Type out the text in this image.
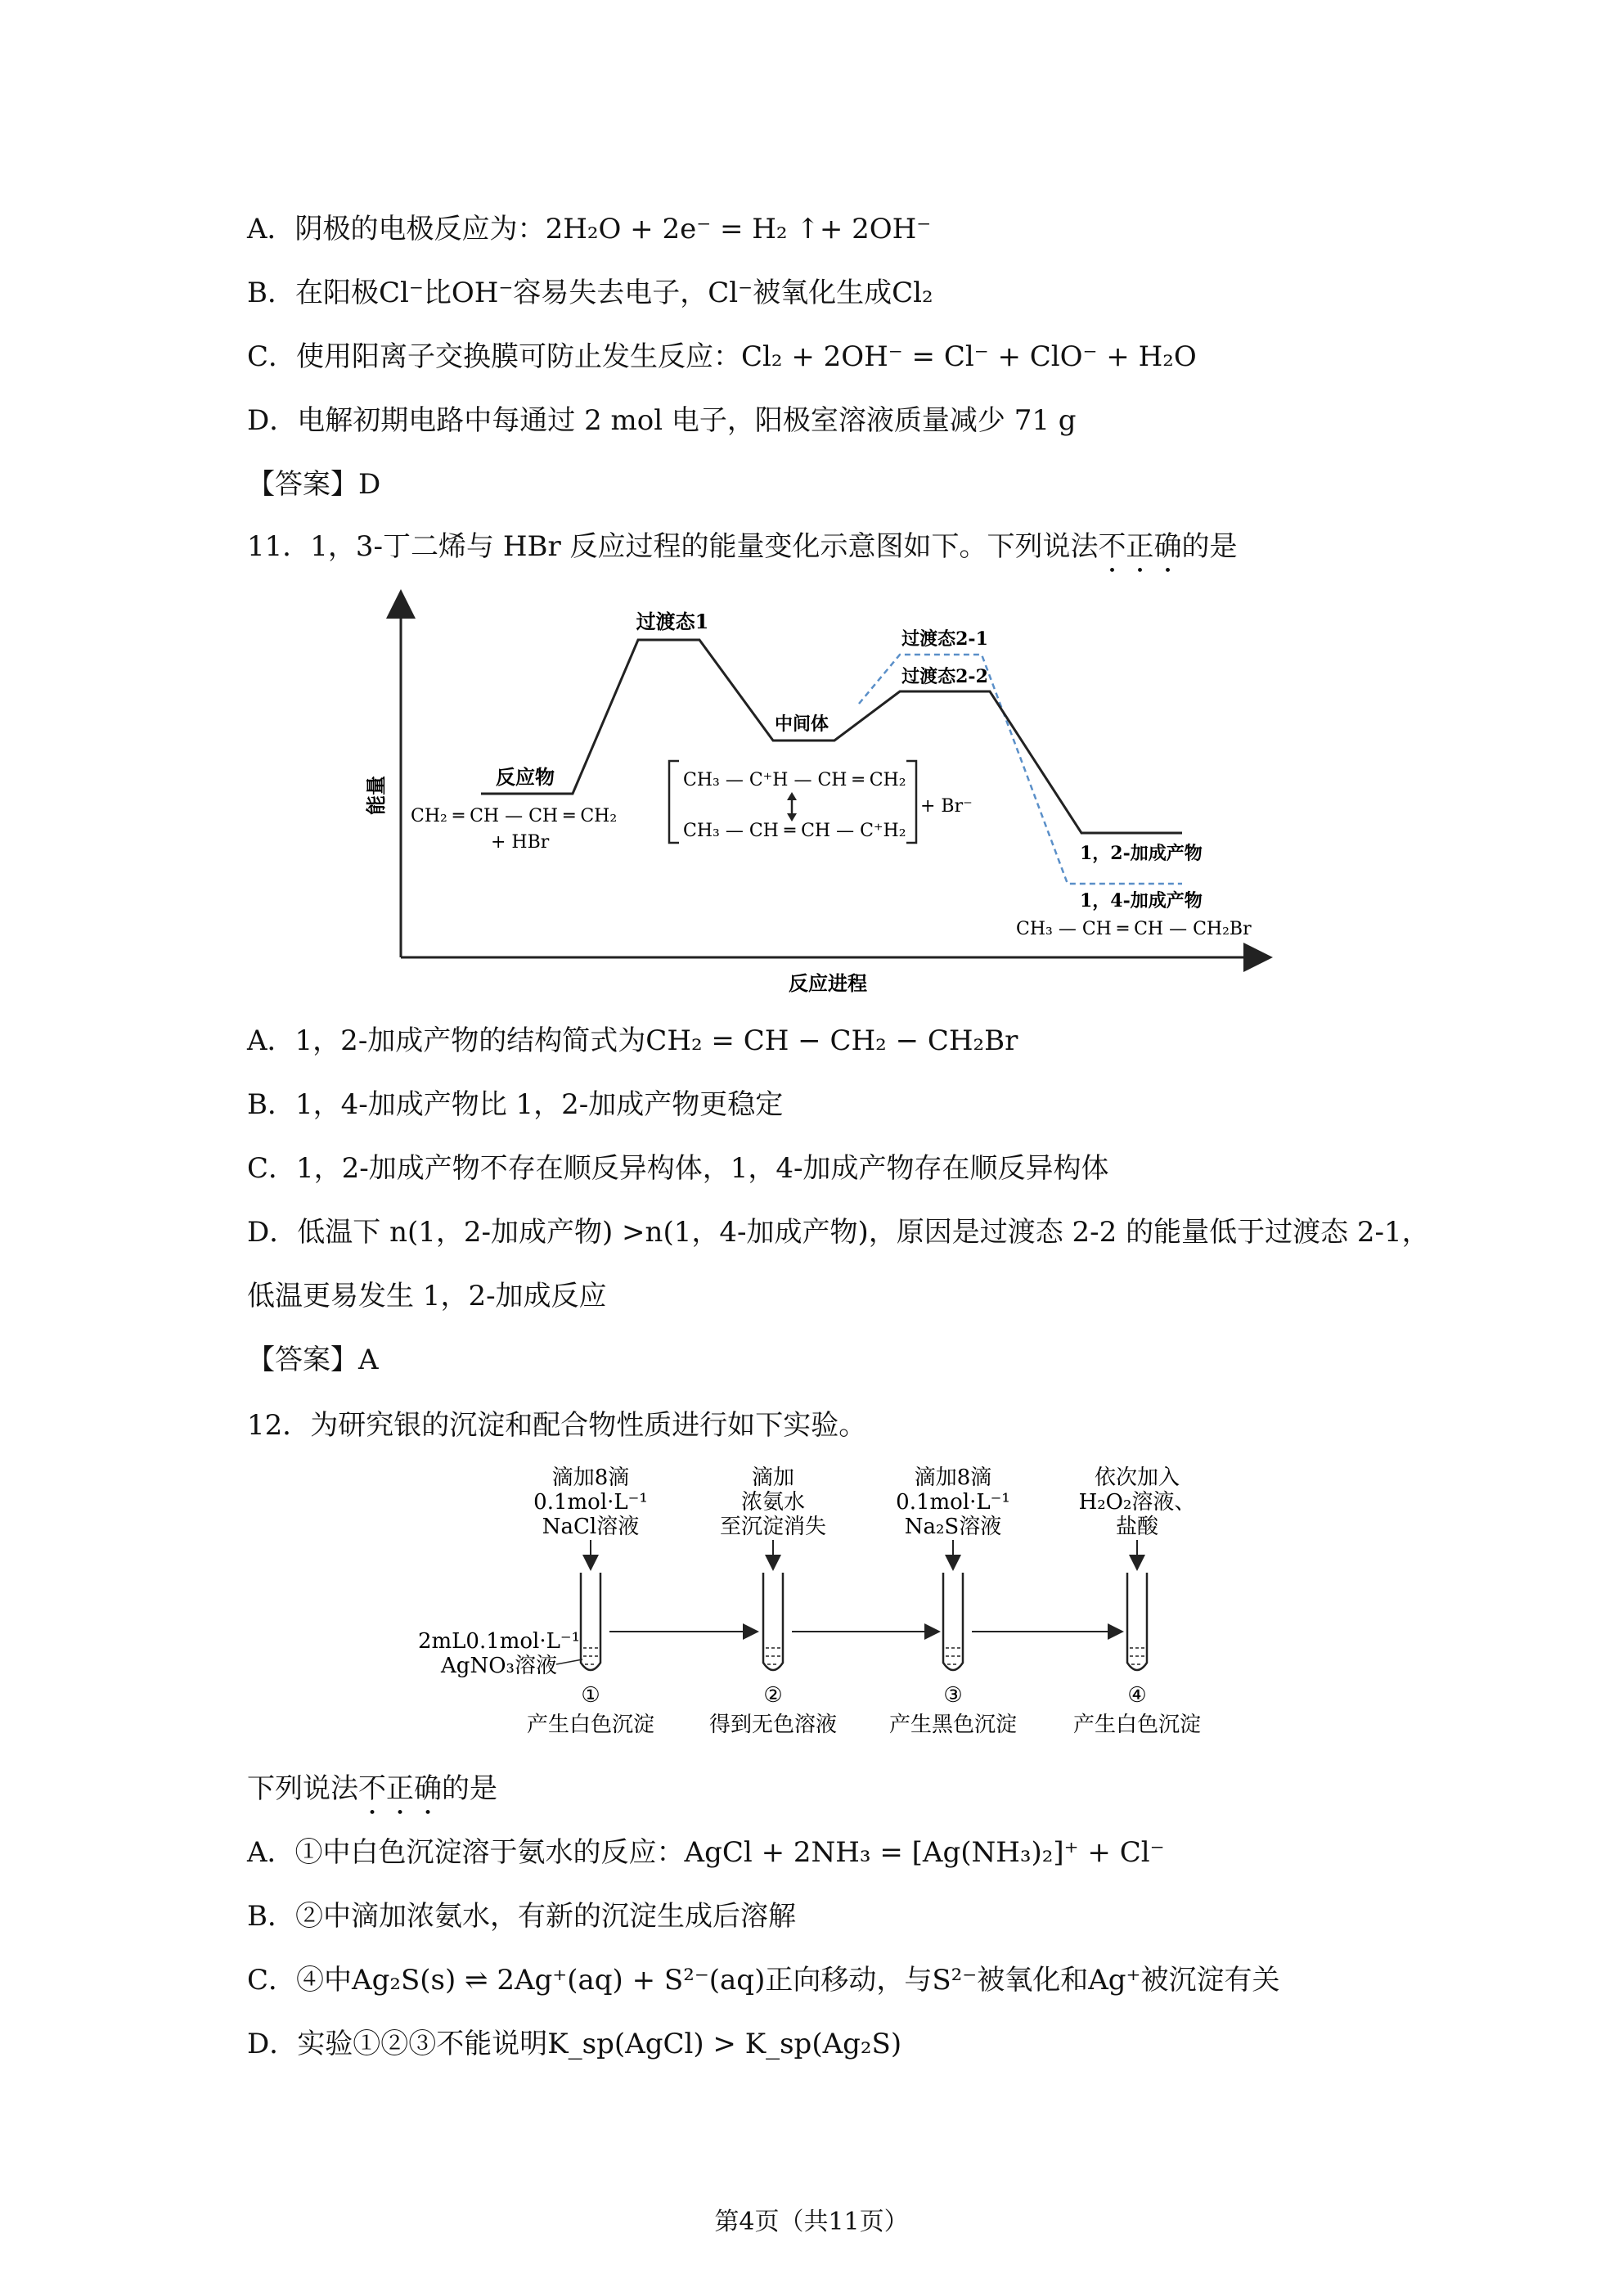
A．阴极的电极反应为：2H₂O + 2e⁻ = H₂ ↑+ 2OH⁻
B．在阳极Cl⁻比OH⁻容易失去电子，Cl⁻被氧化生成Cl₂
C．使用阳离子交换膜可防止发生反应：Cl₂ + 2OH⁻ = Cl⁻ + ClO⁻ + H₂O
D．电解初期电路中每通过 2 mol 电子，阳极室溶液质量减少 71 g
【答案】D
11．1，3-丁二烯与 HBr 反应过程的能量变化示意图如下。下列说法不正确的是
能量
反应进程
反应物
CH₂ ═ CH — CH ═ CH₂
+ HBr
过渡态1
中间体
过渡态2-1
过渡态2-2
CH₃ — C⁺H — CH ═ CH₂
CH₃ — CH ═ CH — C⁺H₂
+ Br⁻
1，2-加成产物
1，4-加成产物
CH₃ — CH ═ CH — CH₂Br
A．1，2-加成产物的结构简式为CH₂ = CH − CH₂ − CH₂Br
B．1，4-加成产物比 1，2-加成产物更稳定
C．1，2-加成产物不存在顺反异构体，1，4-加成产物存在顺反异构体
D．低温下 n(1，2-加成产物) >n(1，4-加成产物)，原因是过渡态 2-2 的能量低于过渡态 2-1，
低温更易发生 1，2-加成反应
【答案】A
12．为研究银的沉淀和配合物性质进行如下实验。
滴加8滴
0.1mol·L⁻¹
NaCl溶液
滴加
浓氨水
至沉淀消失
滴加8滴
0.1mol·L⁻¹
Na₂S溶液
依次加入
H₂O₂溶液、
盐酸
2mL0.1mol·L⁻¹
AgNO₃溶液
①	②	③	④
产生白色沉淀	得到无色溶液 产生黑色沉淀	产生白色沉淀
下列说法不正确的是
A．①中白色沉淀溶于氨水的反应：AgCl + 2NH₃ = [Ag(NH₃)₂]⁺ + Cl⁻
B．②中滴加浓氨水，有新的沉淀生成后溶解
C．④中Ag₂S(s) ⇌ 2Ag⁺(aq) + S²⁻(aq)正向移动，与S²⁻被氧化和Ag⁺被沉淀有关
D．实验①②③不能说明K_sp(AgCl) > K_sp(Ag₂S)
第4页（共11页）
